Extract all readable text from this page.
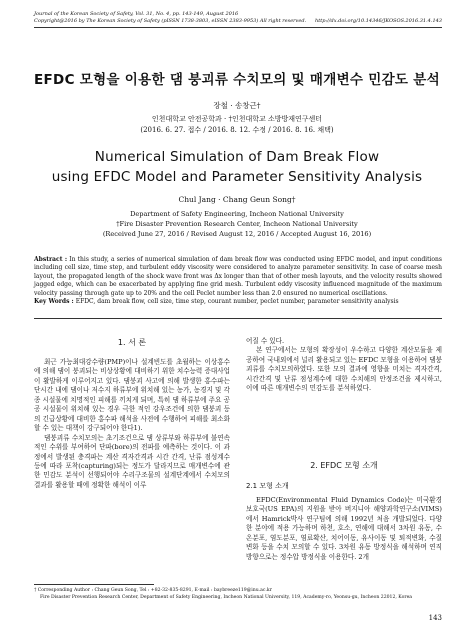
Journal of the Korean Society of Safety, Vol. 31, No. 4, pp. 143-149, August 2016
Copyright@2016 by The Korean Society of Safety (pISSN 1738-3803, eISSN 2383-9953) All right reserved.	http://dx.doi.org/10.14346/JKOSOS.2016.31.4.143
EFDC 모형을 이용한 댐 붕괴류 수치모의 및 매개변수 민감도 분석
장철 · 송창근†
인천대학교 안전공학과 · †인천대학교 소방방재연구센터
(2016. 6. 27. 접수 / 2016. 8. 12. 수정 / 2016. 8. 16. 채택)
Numerical Simulation of Dam Break Flow
using EFDC Model and Parameter Sensitivity Analysis
Chul Jang · Chang Geun Song†
Department of Safety Engineering, Incheon National University
†Fire Disaster Prevention Research Center, Incheon National University
(Received June 27, 2016 / Revised August 12, 2016 / Accepted August 16, 2016)
Abstract : In this study, a series of numerical simulation of dam break flow was conducted using EFDC model, and input conditions including cell size, time step, and turbulent eddy viscosity were considered to analyze parameter sensitivity. In case of coarse mesh layout, the propagated length of the shock wave front was Δx longer than that of other mesh layouts, and the velocity results showed jagged edge, which can be exacerbated by applying fine grid mesh. Turbulent eddy viscosity influenced magnitude of the maximum velocity passing through gate up to 20% and the cell Peclet number less than 2.0 ensured no numerical oscillations.
Key Words : EFDC, dam break flow, cell size, time step, courant number, peclet number, parameter sensitivity analysis
1. 서 론

최근 가능최대강수량(PMP)이나 설계빈도를 초월하는 이상홍수에 의해 댐이 붕괴되는 비상상황에 대비하기 위한 치수능력 증대사업이 활발하게 이루어지고 있다. 댐붕괴 사고에 의해 발생한 홍수파는 단시간 내에 댐이나 저수지 하류부에 위치해 있는 농가, 농경지 및 각종 시설물에 치명적인 피해를 끼치게 되며, 특히 댐 하류부에 주요 공공 시설물이 위치해 있는 경우 극한 적인 강우조건에 의한 댐붕괴 등의 긴급상황에 대비한 홍수파 해석을 사전에 수행하여 피해를 최소화 할 수 있는 대책이 강구되어야 한다1).

댐붕괴류 수치모의는 초기조건으로 댐 상류부와 하류부에 불연속적인 수위를 부여하여 단파(bore)의 전파를 예측하는 것이다. 이 과정에서 발생된 충격파는 계산 격자간격과 시간 간격, 난류 점성계수 등에 따라 포착(capturing)되는 정도가 달라지므로 매개변수에 관한 민감도 분석이 선행되어야 수리구조물의 설계단계에서 수치모의 결과를 활용할 때에 정확한 해석이 이루

어질 수 있다.

본 연구에서는 모형의 확장성이 우수하고 다양한 계산모듈을 제공하여 국내외에서 널리 활용되고 있는 EFDC 모형을 이용하여 댐붕괴류를 수치모의하였다. 또한 모의 결과에 영향을 미치는 격자간격, 시간간격 및 난류 점성계수에 대한 수치해의 안정조건을 제시하고, 이에 따른 매개변수의 민감도를 분석하였다.

2. EFDC 모형 소개
2.1 모형 소개

EFDC(Environmental Fluid Dynamics Code)는 미국환경보호국(US EPA)의 지원을 받아 버지니아 해양과학연구소(VIMS)에서 Hamrick박사 연구팀에 의해 1992년 처음 개발되었다. 다양한 분야에 적용 가능하며 하천, 호소, 연해에 대해서 3차원 유동, 수온분포, 염도분포, 염료확산, 치어이동, 유사이동 및 퇴적변화, 수질변화 등을 수치 모의할 수 있다. 3차원 유동 방정식을 해석하며 연직 방향으로는 정수압 방정식을 이용한다. 2개

† Corresponding Author : Chang Geun Song, Tel : +82-32-835-8291, E-mail : baybreeze119@inu.ac.kr
Fire Disaster Prevention Research Center, Department of Safety Engineering, Incheon National University, 119, Academy-ro, Yeonsu-gu, Incheon 22012, Korea
143
